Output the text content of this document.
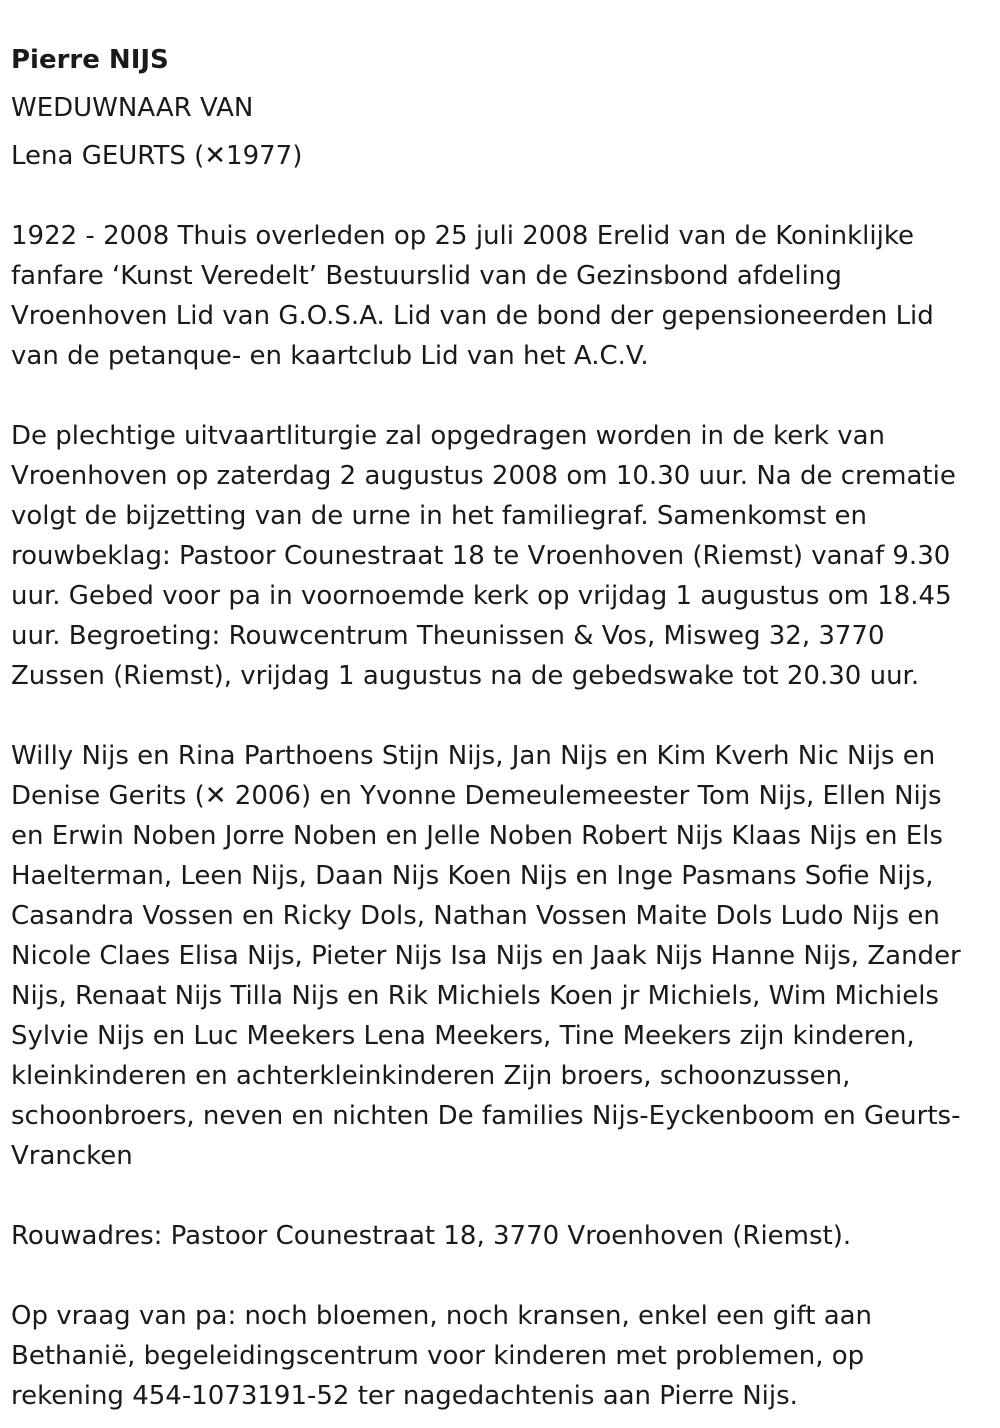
Pierre NIJS

WEDUWNAAR VAN

Lena GEURTS (✕1977)

1922 - 2008 Thuis overleden op 25 juli 2008 Erelid van de Koninklijke fanfare ‘Kunst Veredelt’ Bestuurslid van de Gezinsbond afdeling Vroenhoven Lid van G.O.S.A. Lid van de bond der gepensioneerden Lid van de petanque- en kaartclub Lid van het A.C.V.

De plechtige uitvaartliturgie zal opgedragen worden in de kerk van Vroenhoven op zaterdag 2 augustus 2008 om 10.30 uur. Na de crematie volgt de bijzetting van de urne in het familiegraf. Samenkomst en rouwbeklag: Pastoor Counestraat 18 te Vroenhoven (Riemst) vanaf 9.30 uur. Gebed voor pa in voornoemde kerk op vrijdag 1 augustus om 18.45 uur. Begroeting: Rouwcentrum Theunissen & Vos, Misweg 32, 3770 Zussen (Riemst), vrijdag 1 augustus na de gebedswake tot 20.30 uur.

Willy Nijs en Rina Parthoens Stijn Nijs, Jan Nijs en Kim Kverh Nic Nijs en Denise Gerits (✕ 2006) en Yvonne Demeulemeester Tom Nijs, Ellen Nijs en Erwin Noben Jorre Noben en Jelle Noben Robert Nijs Klaas Nijs en Els Haelterman, Leen Nijs, Daan Nijs Koen Nijs en Inge Pasmans Sofie Nijs, Casandra Vossen en Ricky Dols, Nathan Vossen Maite Dols Ludo Nijs en Nicole Claes Elisa Nijs, Pieter Nijs Isa Nijs en Jaak Nijs Hanne Nijs, Zander Nijs, Renaat Nijs Tilla Nijs en Rik Michiels Koen jr Michiels, Wim Michiels Sylvie Nijs en Luc Meekers Lena Meekers, Tine Meekers zijn kinderen, kleinkinderen en achterkleinkinderen Zijn broers, schoonzussen, schoonbroers, neven en nichten De families Nijs-Eyckenboom en Geurts-Vrancken

Rouwadres: Pastoor Counestraat 18, 3770 Vroenhoven (Riemst).

Op vraag van pa: noch bloemen, noch kransen, enkel een gift aan Bethanië, begeleidingscentrum voor kinderen met problemen, op rekening 454-1073191-52 ter nagedachtenis aan Pierre Nijs.
